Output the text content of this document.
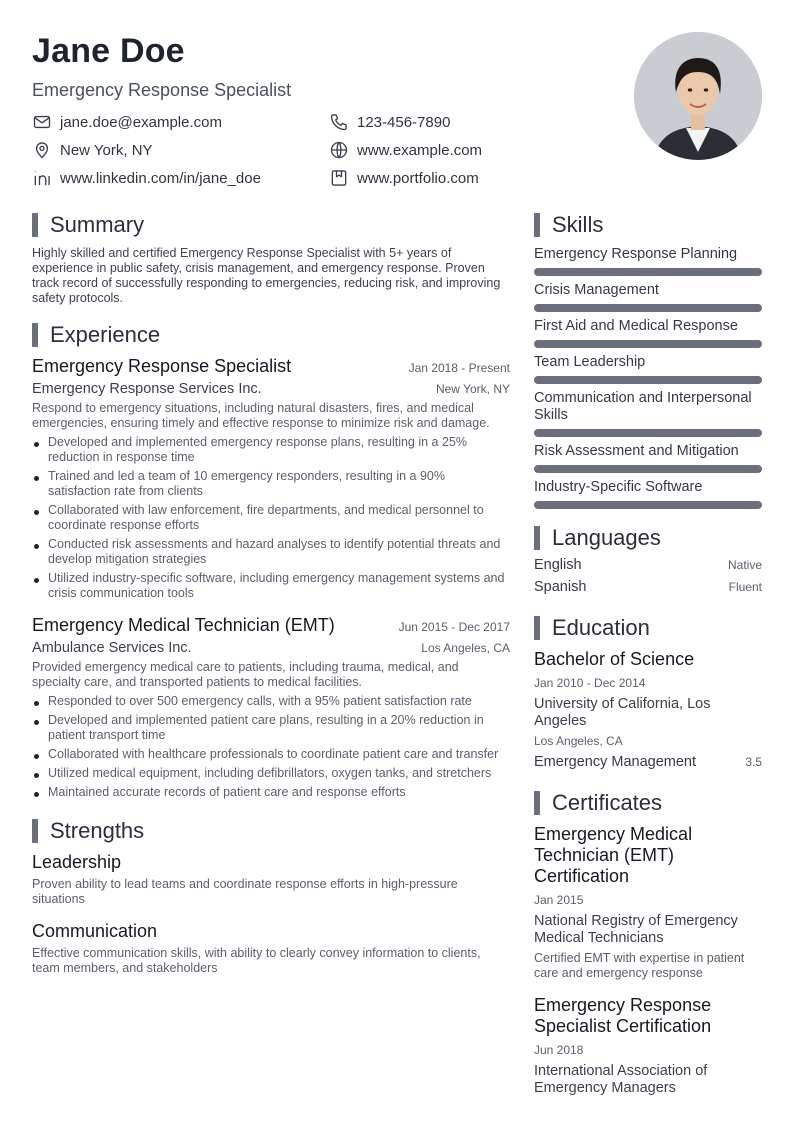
Jane Doe
Emergency Response Specialist
jane.doe@example.com	123-456-7890
New York, NY	www.example.com
www.linkedin.com/in/jane_doe	www.portfolio.com
Summary

Highly skilled and certified Emergency Response Specialist with 5+ years of experience in public safety, crisis management, and emergency response. Proven track record of successfully responding to emergencies, reducing risk, and improving safety protocols.

Experience
Emergency Response Specialist	Jan 2018 - Present
Emergency Response Services Inc.	New York, NY
Respond to emergency situations, including natural disasters, fires, and medical emergencies, ensuring timely and effective response to minimize risk and damage.
Developed and implemented emergency response plans, resulting in a 25% reduction in response time
Trained and led a team of 10 emergency responders, resulting in a 90% satisfaction rate from clients
Collaborated with law enforcement, fire departments, and medical personnel to coordinate response efforts
Conducted risk assessments and hazard analyses to identify potential threats and develop mitigation strategies
Utilized industry-specific software, including emergency management systems and crisis communication tools
Emergency Medical Technician (EMT)	Jun 2015 - Dec 2017
Ambulance Services Inc.	Los Angeles, CA
Provided emergency medical care to patients, including trauma, medical, and specialty care, and transported patients to medical facilities.
Responded to over 500 emergency calls, with a 95% patient satisfaction rate
Developed and implemented patient care plans, resulting in a 20% reduction in patient transport time
Collaborated with healthcare professionals to coordinate patient care and transfer
Utilized medical equipment, including defibrillators, oxygen tanks, and stretchers
Maintained accurate records of patient care and response efforts
Strengths
Leadership
Proven ability to lead teams and coordinate response efforts in high-pressure situations
Communication
Effective communication skills, with ability to clearly convey information to clients, team members, and stakeholders
Skills
Emergency Response Planning
Crisis Management
First Aid and Medical Response
Team Leadership
Communication and Interpersonal Skills
Risk Assessment and Mitigation
Industry-Specific Software
Languages
English	Native
Spanish	Fluent
Education
Bachelor of Science
Jan 2010 - Dec 2014
University of California, Los Angeles
Los Angeles, CA
Emergency Management	3.5
Certificates
Emergency Medical Technician (EMT) Certification
Jan 2015
National Registry of Emergency Medical Technicians
Certified EMT with expertise in patient care and emergency response
Emergency Response Specialist Certification
Jun 2018
International Association of Emergency Managers
